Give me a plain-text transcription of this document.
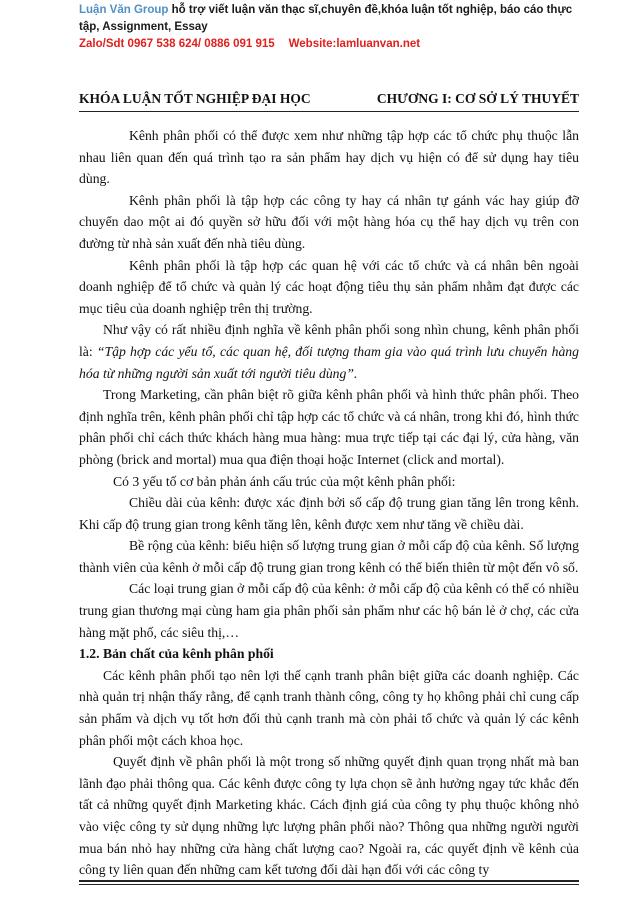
Luận Văn Group hỗ trợ viết luận văn thạc sĩ,chuyên đề,khóa luận tốt nghiệp, báo cáo thực
tập, Assignment, Essay
Zalo/Sdt 0967 538 624/ 0886 091 915 Website:lamluanvan.net
KHÓA LUẬN TỐT NGHIỆP ĐẠI HỌC	CHƯƠNG I: CƠ SỞ LÝ THUYẾT

Kênh phân phối có thể được xem như những tập hợp các tổ chức phụ thuộc lẫn nhau liên quan đến quá trình tạo ra sản phẩm hay dịch vụ hiện có để sử dụng hay tiêu dùng.

Kênh phân phối là tập hợp các công ty hay cá nhân tự gánh vác hay giúp đỡ chuyển dao một ai đó quyền sở hữu đối với một hàng hóa cụ thể hay dịch vụ trên con đường từ nhà sản xuất đến nhà tiêu dùng.

Kênh phân phối là tập hợp các quan hệ với các tổ chức và cá nhân bên ngoài doanh nghiệp để tổ chức và quản lý các hoạt động tiêu thụ sản phẩm nhằm đạt được các mục tiêu của doanh nghiệp trên thị trường.

Như vậy có rất nhiều định nghĩa về kênh phân phối song nhìn chung, kênh phân phối là: “Tập hợp các yếu tố, các quan hệ, đối tượng tham gia vào quá trình lưu chuyển hàng hóa từ những người sản xuất tới người tiêu dùng”.

Trong Marketing, cần phân biệt rõ giữa kênh phân phối và hình thức phân phối. Theo định nghĩa trên, kênh phân phối chỉ tập hợp các tổ chức và cá nhân, trong khi đó, hình thức phân phối chỉ cách thức khách hàng mua hàng: mua trực tiếp tại các đại lý, cửa hàng, văn phòng (brick and mortal) mua qua điện thoại hoặc Internet (click and mortal).

Có 3 yếu tố cơ bản phản ánh cấu trúc của một kênh phân phối:

Chiều dài của kênh: được xác định bởi số cấp độ trung gian tăng lên trong kênh. Khi cấp độ trung gian trong kênh tăng lên, kênh được xem như tăng về chiều dài.

Bề rộng của kênh: biểu hiện số lượng trung gian ở mỗi cấp độ của kênh. Số lượng thành viên của kênh ở mỗi cấp độ trung gian trong kênh có thể biến thiên từ một đến vô số.

Các loại trung gian ở mỗi cấp độ của kênh: ở mỗi cấp độ của kênh có thể có nhiều trung gian thương mại cùng ham gia phân phối sản phẩm như các hộ bán lẻ ở chợ, các cửa hàng mặt phố, các siêu thị,…

1.2. Bản chất của kênh phân phối

Các kênh phân phối tạo nên lợi thế cạnh tranh phân biệt giữa các doanh nghiệp. Các nhà quản trị nhận thấy rằng, để cạnh tranh thành công, công ty họ không phải chỉ cung cấp sản phẩm và dịch vụ tốt hơn đối thủ cạnh tranh mà còn phải tổ chức và quản lý các kênh phân phối một cách khoa học.

Quyết định về phân phối là một trong số những quyết định quan trọng nhất mà ban lãnh đạo phải thông qua. Các kênh được công ty lựa chọn sẽ ảnh hưởng ngay tức khắc đến tất cả những quyết định Marketing khác. Cách định giá của công ty phụ thuộc không nhỏ vào việc công ty sử dụng những lực lượng phân phối nào? Thông qua những người người mua bán nhỏ hay những cửa hàng chất lượng cao? Ngoài ra, các quyết định về kênh của công ty liên quan đến những cam kết tương đối dài hạn đối với các công ty
